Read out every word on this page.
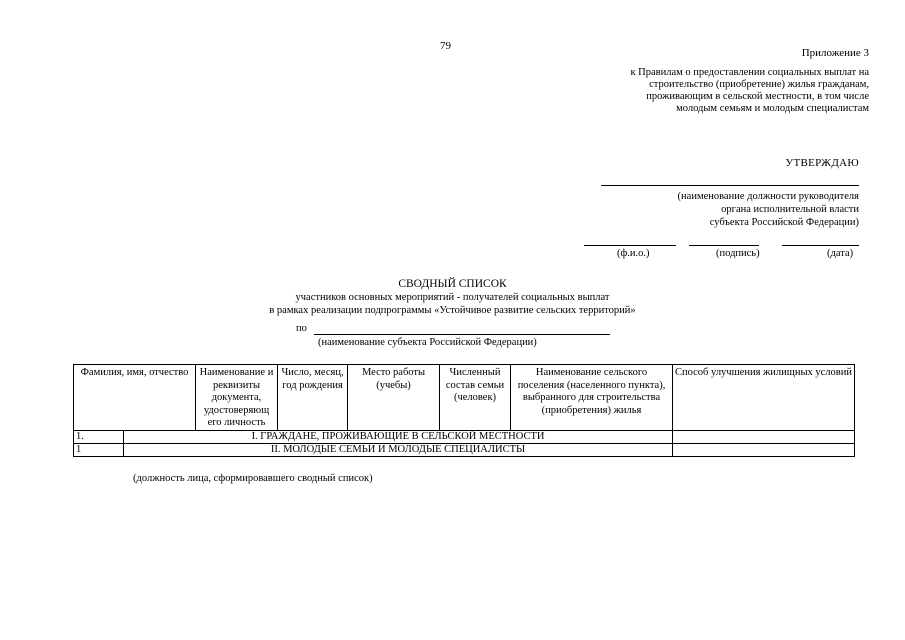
79
Приложение 3
к Правилам о предоставлении социальных выплат на
строительство (приобретение) жилья гражданам,
проживающим в сельской местности, в том числе
молодым семьям и молодым специалистам
УТВЕРЖДАЮ
(наименование должности руководителя
органа исполнительной власти
субъекта Российской Федерации)
(ф.и.о.)	(подпись)	(дата)
СВОДНЫЙ СПИСОК
участников основных мероприятий - получателей социальных выплат
в рамках реализации подпрограммы «Устойчивое развитие сельских территорий»
по
(наименование субъекта Российской Федерации)
Фамилия, имя, отчество		Наименование и реквизиты документа, удостоверяющ его личность	Число, месяц, год рождения	Место работы (учебы)	Численный состав семьи (человек)	Наименование сельского поселения (населенного пункта), выбранного для строительства (приобретения) жилья	Способ улучшения жилищных условий
1.	I. ГРАЖДАНЕ, ПРОЖИВАЮЩИЕ В СЕЛЬСКОЙ МЕСТНОСТИ						
1	II. МОЛОДЫЕ СЕМЬИ И МОЛОДЫЕ СПЕЦИАЛИСТЫ						
(должность лица, сформировавшего сводный список)
